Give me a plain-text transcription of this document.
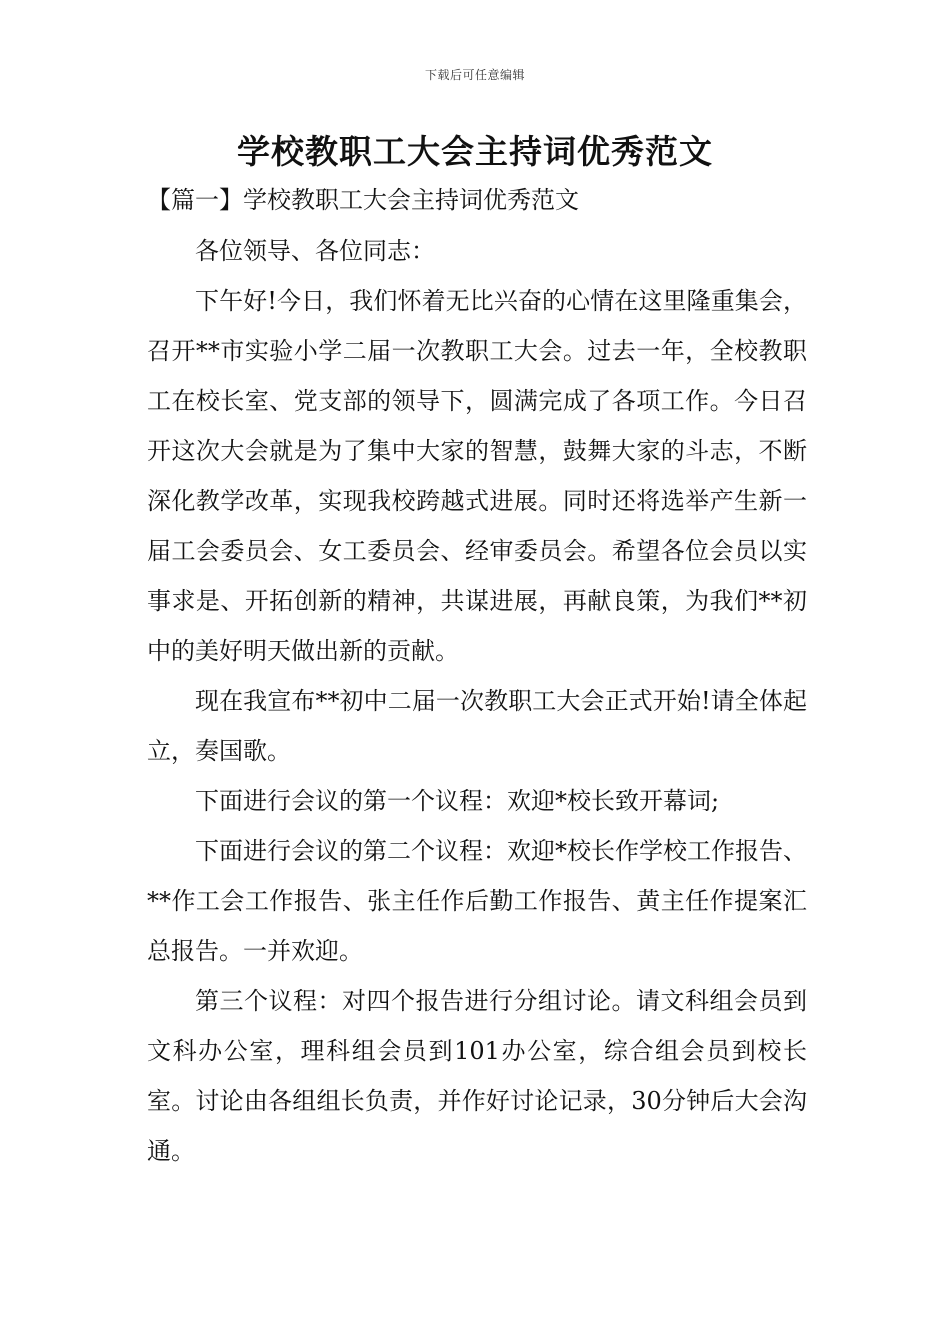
下载后可任意编辑
学校教职工大会主持词优秀范文
【篇一】学校教职工大会主持词优秀范文

各位领导、各位同志：

下午好!今日，我们怀着无比兴奋的心情在这里隆重集会，召开**市实验小学二届一次教职工大会。过去一年，全校教职工在校长室、党支部的领导下，圆满完成了各项工作。今日召开这次大会就是为了集中大家的智慧，鼓舞大家的斗志，不断深化教学改革，实现我校跨越式进展。同时还将选举产生新一届工会委员会、女工委员会、经审委员会。希望各位会员以实事求是、开拓创新的精神，共谋进展，再献良策，为我们**初中的美好明天做出新的贡献。

现在我宣布**初中二届一次教职工大会正式开始!请全体起立，奏国歌。

下面进行会议的第一个议程：欢迎*校长致开幕词;

下面进行会议的第二个议程：欢迎*校长作学校工作报告、**作工会工作报告、张主任作后勤工作报告、黄主任作提案汇总报告。一并欢迎。

第三个议程：对四个报告进行分组讨论。请文科组会员到文科办公室，理科组会员到101办公室，综合组会员到校长室。讨论由各组组长负责，并作好讨论记录，30分钟后大会沟通。
